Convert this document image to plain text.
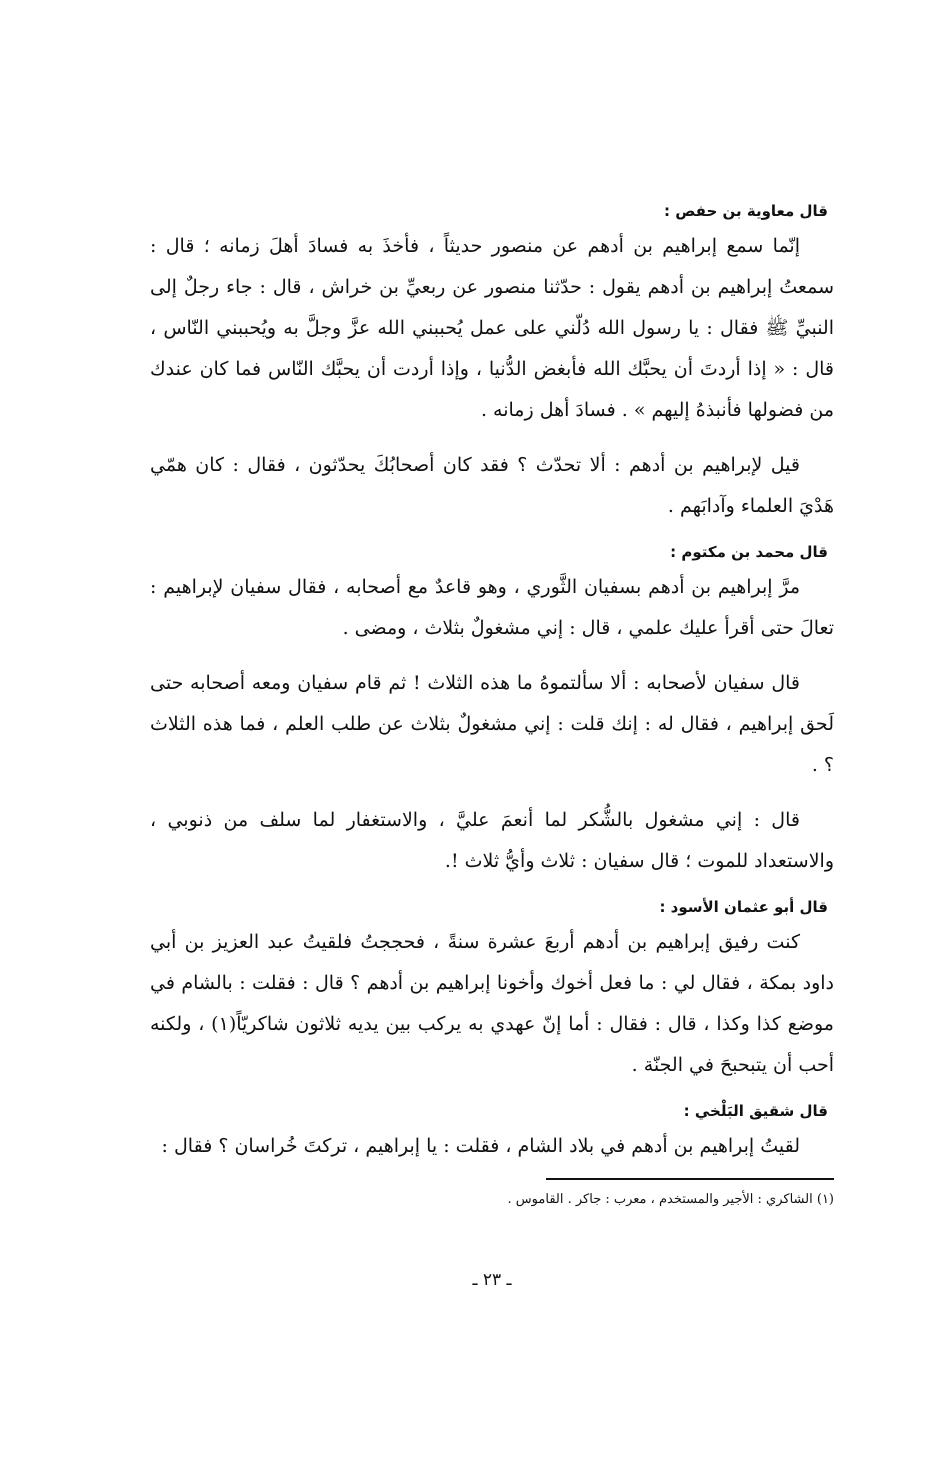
قال معاوية بن حفص :

إنّما سمع إبراهيم بن أدهم عن منصور حديثاً ، فأخذَ به فسادَ أهلَ زمانه ؛ قال : سمعتُ إبراهيم بن أدهم يقول : حدّثنا منصور عن ربعيِّ بن خراش ، قال : جاء رجلٌ إلى النبيِّ ﷺ فقال : يا رسول الله دُلّني على عمل يُحببني الله عزَّ وجلَّ به ويُحببني النّاس ، قال : « إذا أردتَ أن يحبَّك الله فأبغض الدُّنيا ، وإذا أردت أن يحبَّك النّاس فما كان عندك من فضولها فأنبذهُ إليهم » . فسادَ أهل زمانه .

قيل لإبراهيم بن أدهم : ألا تحدّث ؟ فقد كان أصحابُكَ يحدّثون ، فقال : كان همّي هَدْيَ العلماء وآدابَهم .

قال محمد بن مكتوم :

مرَّ إبراهيم بن أدهم بسفيان الثَّوري ، وهو قاعدٌ مع أصحابه ، فقال سفيان لإبراهيم : تعالَ حتى أقرأ عليك علمي ، قال : إني مشغولٌ بثلاث ، ومضى .

قال سفيان لأصحابه : ألا سألتموهُ ما هذه الثلاث ! ثم قام سفيان ومعه أصحابه حتى لَحق إبراهيم ، فقال له : إنك قلت : إني مشغولٌ بثلاث عن طلب العلم ، فما هذه الثلاث ؟ .

قال : إني مشغول بالشُّكر لما أنعمَ عليَّ ، والاستغفار لما سلف من ذنوبي ، والاستعداد للموت ؛ قال سفيان : ثلاث وأيُّ ثلاث !.

قال أبو عثمان الأسود :

كنت رفيق إبراهيم بن أدهم أربعَ عشرة سنةً ، فحججتُ فلقيتُ عبد العزيز بن أبي داود بمكة ، فقال لي : ما فعل أخوك وأخونا إبراهيم بن أدهم ؟ قال : فقلت : بالشام في موضع كذا وكذا ، قال : فقال : أما إنّ عهدي به يركب بين يديه ثلاثون شاكريّاً(١) ، ولكنه أحب أن يتبحبحَ في الجنّة .

قال شقيق البَلْخي :

لقيتُ إبراهيم بن أدهم في بلاد الشام ، فقلت : يا إبراهيم ، تركتَ خُراسان ؟ فقال :

(١) الشاكري : الأجير والمستخدم ، معرب : جاكر . القاموس .
ـ ٢٣ ـ
